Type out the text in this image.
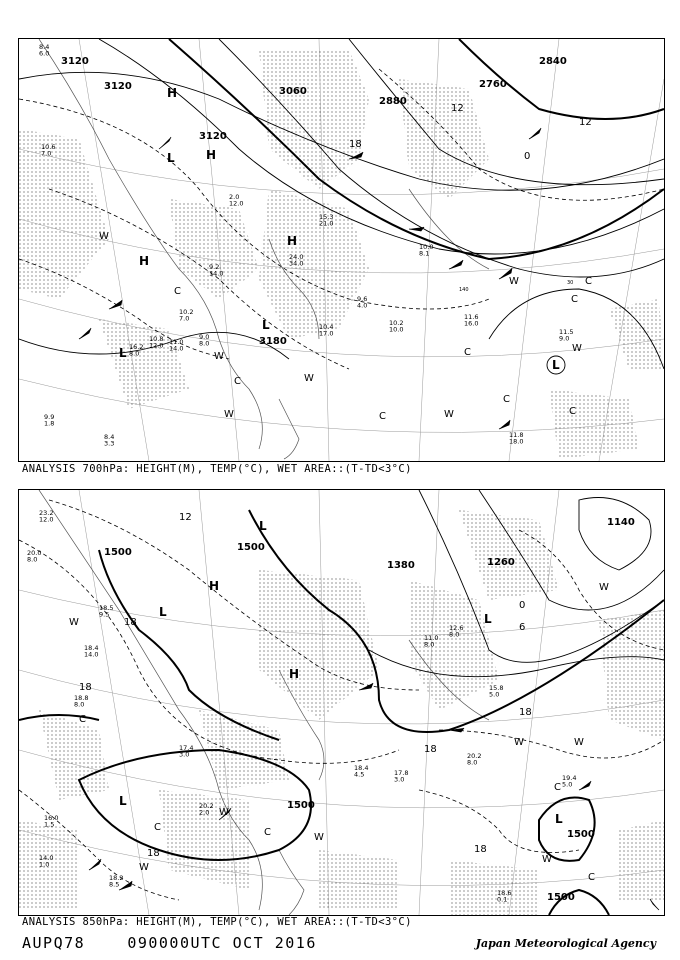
3120
3120
3120
3060
2880
2760
2840
3180
12
12
18
0
H
H
H
H
L
L
L
L
W
W
W
W	W
W
W
C
C
C
C
C
C
C
C
8.4 6.0
10.6 7.0
9.2 14.0
16.2 8.0
11.6 16.0
11.5 9.0
8.4 3.3
9.9 1.8
11.8 18.0
10.2 10.0
9.6 4.0
10.4 17.0
9.0 8.0
10.2 7.0
10.8 12.0 11.0 14.0
2.0 12.0
24.0 34.0
15.3 21.0
10.0 8.1
140
30
ANALYSIS 700hPa: HEIGHT(M), TEMP(°C), WET AREA::(T-TD<3°C)
1500	1500
1500
1500
1500
1380	1260
1140
12
18
18
18
18
18	18
0
6
H
H
L
L
L
L
L
W
W
W
W
W
W
W
W
C
C	C
C
C
23.2 12.0
20.0 8.0
18.5 9.5
18.4 14.0
18.8 8.0
17.4 3.0
17.8 3.0
18.4 4.5
20.2 8.0
19.4 5.0
18.6 0.1
18.2 8.5
20.2 2.0
16.0 1.5
14.0 1.0
15.8 5.0
12.6 8.0
11.0 8.0
ANALYSIS 850hPa: HEIGHT(M), TEMP(°C), WET AREA::(T-TD<3°C)
AUPQ78	090000UTC OCT 2016	Japan Meteorological Agency
